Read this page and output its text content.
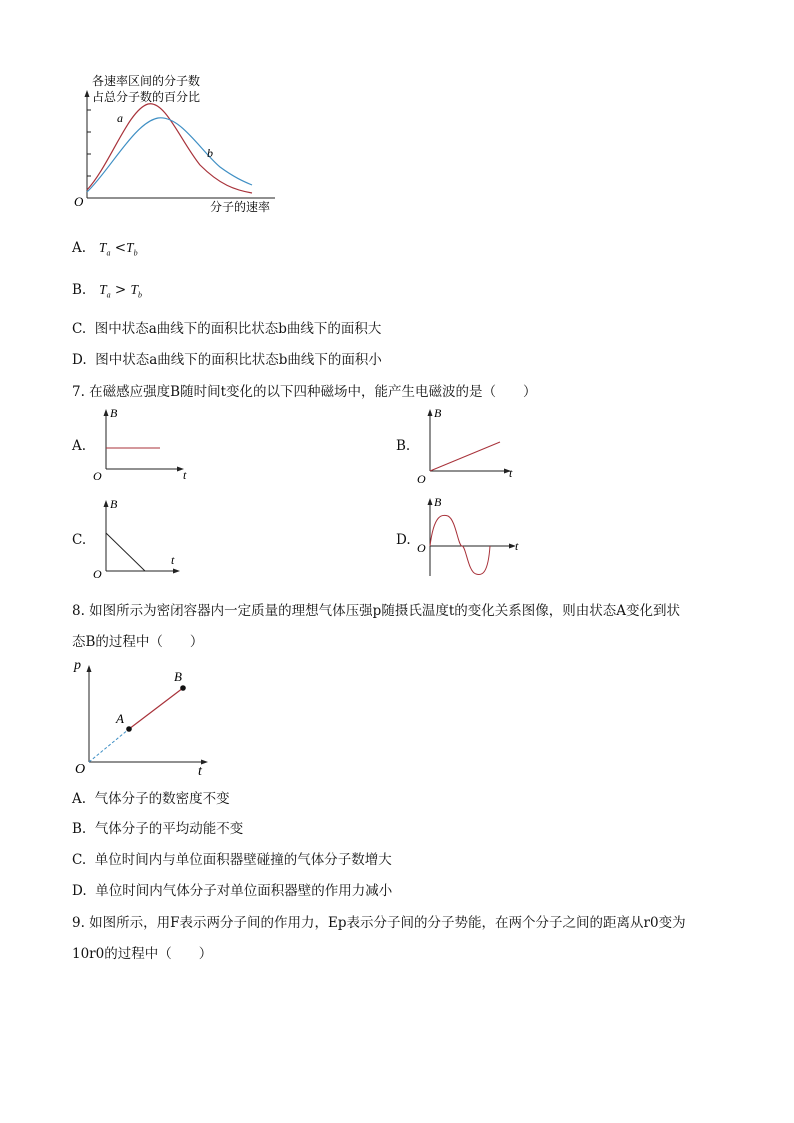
各速率区间的分子数
占总分子数的百分比
O	分子的速率
a
b
A. $T_a <T_b$
B. $T_a > T_b$
C. 图中状态a曲线下的面积比状态b曲线下的面积大
D. 图中状态a曲线下的面积比状态b曲线下的面积小
7. 在磁感应强度B随时间t变化的以下四种磁场中，能产生电磁波的是（　　）
A.
B
t
O
B.
B
t
O
C.
B
t
O
D.
B
t
O
8. 如图所示为密闭容器内一定质量的理想气体压强p随摄氏温度t的变化关系图像，则由状态A变化到状
态B的过程中（　　）
A
B
p
t
O
A. 气体分子的数密度不变
B. 气体分子的平均动能不变
C. 单位时间内与单位面积器壁碰撞的气体分子数增大
D. 单位时间内气体分子对单位面积器壁的作用力减小
9. 如图所示，用F表示两分子间的作用力，Ep表示分子间的分子势能，在两个分子之间的距离从r0变为
10r0的过程中（　　）
